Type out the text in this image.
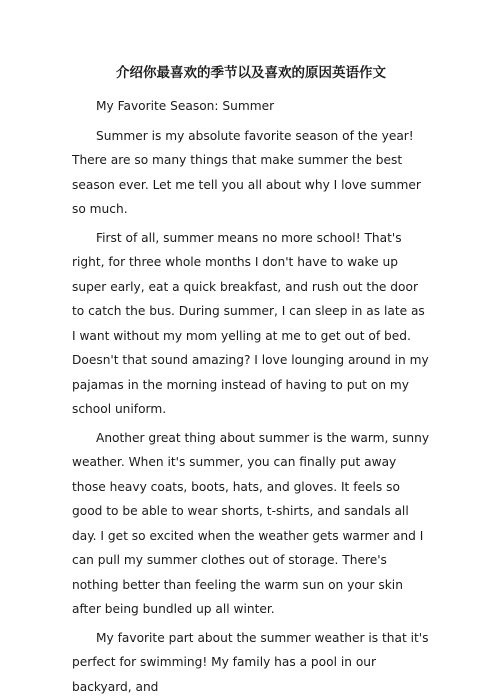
介绍你最喜欢的季节以及喜欢的原因英语作文
My Favorite Season: Summer

Summer is my absolute favorite season of the year! There are so many things that make summer the best season ever. Let me tell you all about why I love summer so much.

First of all, summer means no more school! That's right, for three whole months I don't have to wake up super early, eat a quick breakfast, and rush out the door to catch the bus. During summer, I can sleep in as late as I want without my mom yelling at me to get out of bed. Doesn't that sound amazing? I love lounging around in my pajamas in the morning instead of having to put on my school uniform.

Another great thing about summer is the warm, sunny weather. When it's summer, you can finally put away those heavy coats, boots, hats, and gloves. It feels so good to be able to wear shorts, t-shirts, and sandals all day. I get so excited when the weather gets warmer and I can pull my summer clothes out of storage. There's nothing better than feeling the warm sun on your skin after being bundled up all winter.

My favorite part about the summer weather is that it's perfect for swimming! My family has a pool in our backyard, and
